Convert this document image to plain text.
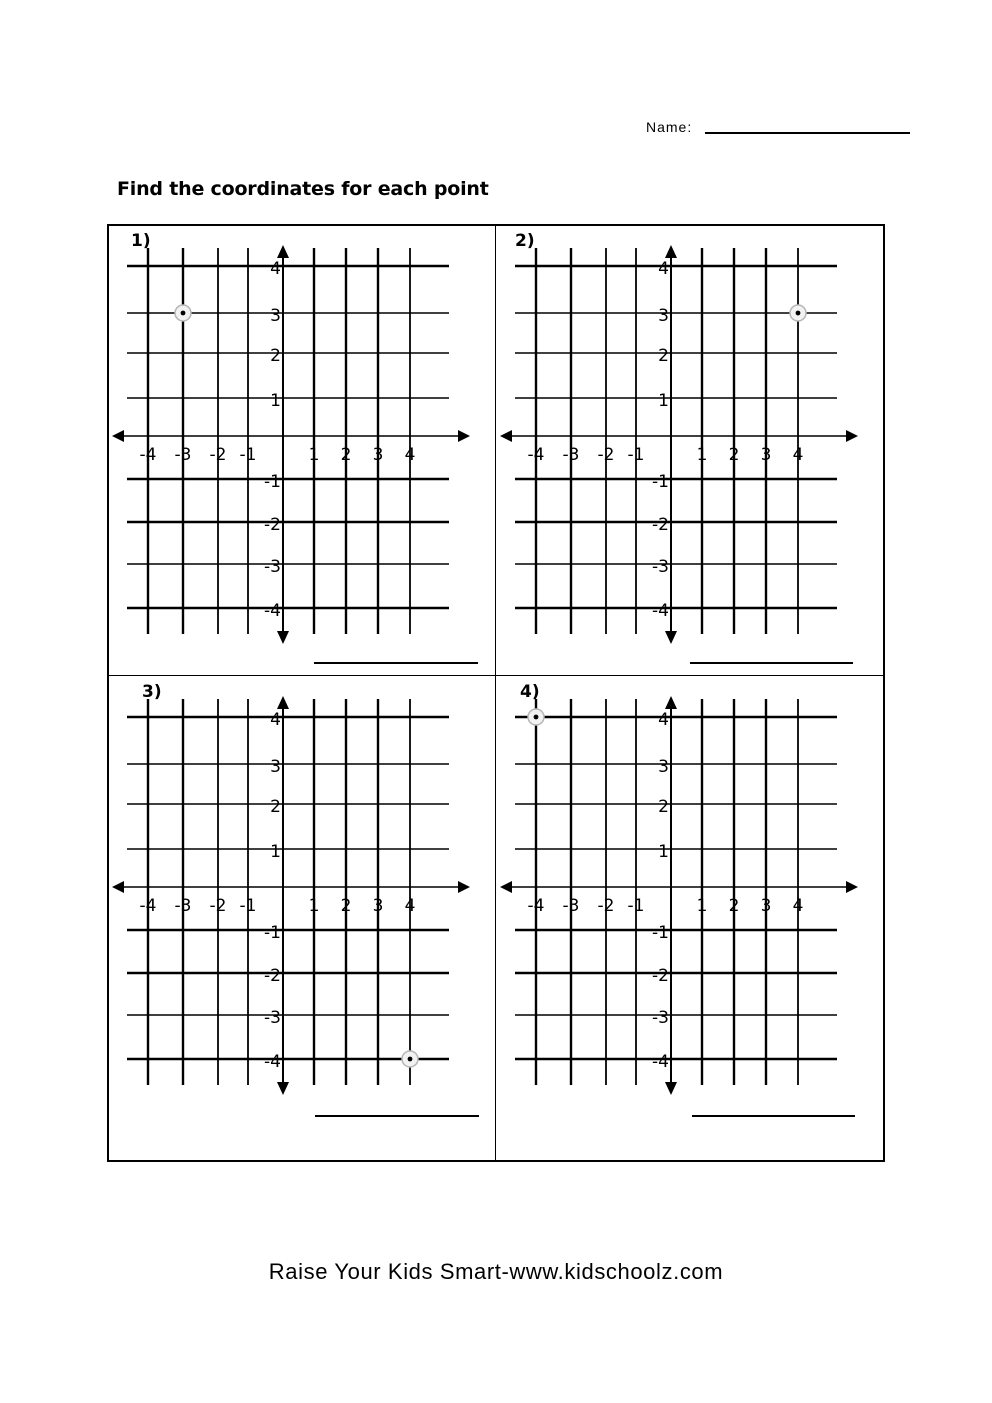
Name:
Find the coordinates for each point
-4 -3 -2 -1	1 2 3 4
4
3
2
1
-1
-2
-3
-4
1)
-4 -3 -2 -1	1 2 3 4
4
3
2
1
-1
-2
-3
-4
2)
-4 -3 -2 -1	1 2 3 4
4
3
2
1
-1
-2
-3
-4
3)
-4 -3 -2 -1	1 2 3 4
4
3
2
1
-1
-2
-3
-4
4)
Raise Your Kids Smart-www.kidschoolz.com
